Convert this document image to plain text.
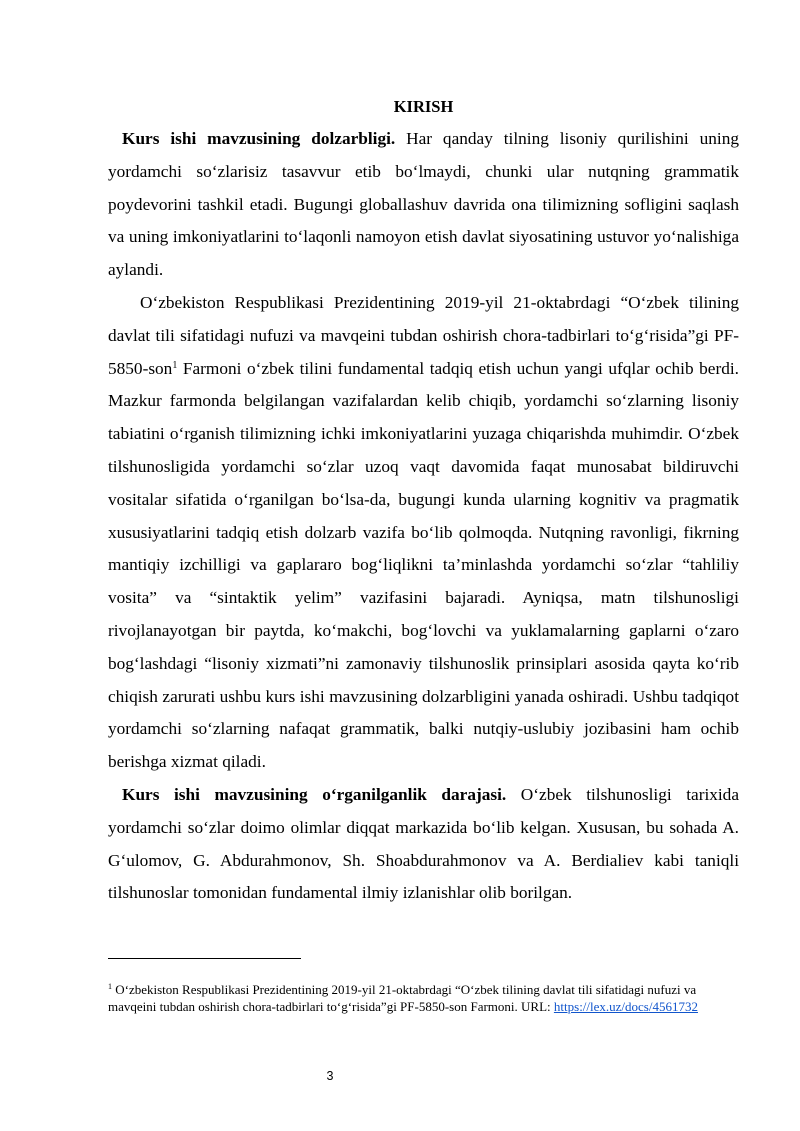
KIRISH

Kurs ishi mavzusining dolzarbligi. Har qanday tilning lisoniy qurilishini uning yordamchi so‘zlarisiz tasavvur etib bo‘lmaydi, chunki ular nutqning grammatik poydevorini tashkil etadi. Bugungi globallashuv davrida ona tilimizning sofligini saqlash va uning imkoniyatlarini to‘laqonli namoyon etish davlat siyosatining ustuvor yo‘nalishiga aylandi.

O‘zbekiston Respublikasi Prezidentining 2019-yil 21-oktabrdagi “O‘zbek tilining davlat tili sifatidagi nufuzi va mavqeini tubdan oshirish chora-tadbirlari to‘g‘risida”gi PF-5850-son$^1$ Farmoni o‘zbek tilini fundamental tadqiq etish uchun yangi ufqlar ochib berdi. Mazkur farmonda belgilangan vazifalardan kelib chiqib, yordamchi so‘zlarning lisoniy tabiatini o‘rganish tilimizning ichki imkoniyatlarini yuzaga chiqarishda muhimdir. O‘zbek tilshunosligida yordamchi so‘zlar uzoq vaqt davomida faqat munosabat bildiruvchi vositalar sifatida o‘rganilgan bo‘lsa-da, bugungi kunda ularning kognitiv va pragmatik xususiyatlarini tadqiq etish dolzarb vazifa bo‘lib qolmoqda. Nutqning ravonligi, fikrning mantiqiy izchilligi va gaplararo bog‘liqlikni ta’minlashda yordamchi so‘zlar “tahliliy vosita” va “sintaktik yelim” vazifasini bajaradi. Ayniqsa, matn tilshunosligi rivojlanayotgan bir paytda, ko‘makchi, bog‘lovchi va yuklamalarning gaplarni o‘zaro bog‘lashdagi “lisoniy xizmati”ni zamonaviy tilshunoslik prinsiplari asosida qayta ko‘rib chiqish zarurati ushbu kurs ishi mavzusining dolzarbligini yanada oshiradi. Ushbu tadqiqot yordamchi so‘zlarning nafaqat grammatik, balki nutqiy-uslubiy jozibasini ham ochib berishga xizmat qiladi.

Kurs ishi mavzusining o‘rganilganlik darajasi. O‘zbek tilshunosligi tarixida yordamchi so‘zlar doimo olimlar diqqat markazida bo‘lib kelgan. Xususan, bu sohada A. G‘ulomov, G. Abdurahmonov, Sh. Shoabdurahmonov va A. Berdialiev kabi taniqli tilshunoslar tomonidan fundamental ilmiy izlanishlar olib borilgan.

$^1$ O‘zbekiston Respublikasi Prezidentining 2019-yil 21-oktabrdagi “O‘zbek tilining davlat tili sifatidagi nufuzi va mavqeini tubdan oshirish chora-tadbirlari to‘g‘risida”gi PF-5850-son Farmoni. URL: https://lex.uz/docs/4561732
3
